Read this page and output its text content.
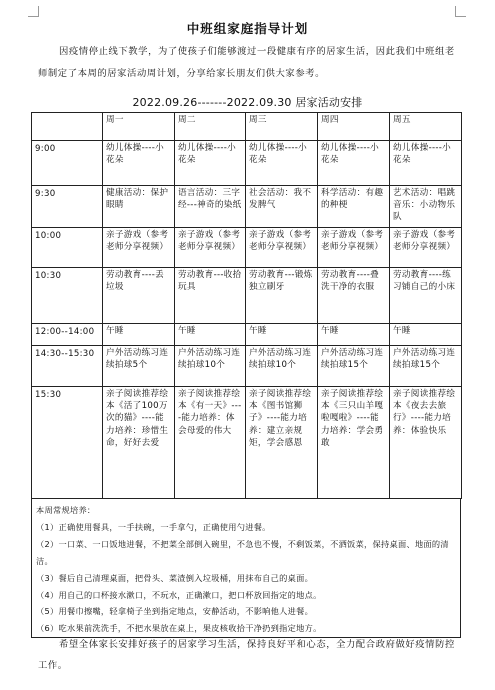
中班组家庭指导计划
因疫情停止线下教学，为了使孩子们能够渡过一段健康有序的居家生活，因此我们中班组老师制定了本周的居家活动周计划，分享给家长朋友们供大家参考。
2022.09.26-------2022.09.30 居家活动安排
	周一	周二	周三	周四	周五
9:00	幼儿体操----小花朵	幼儿体操----小花朵	幼儿体操----小花朵	幼儿体操----小花朵	幼儿体操----小花朵
9:30	健康活动：保护眼睛	语言活动：三字经---神奇的染纸	社会活动：我不发脾气	科学活动：有趣的种梗	艺术活动：唱跳音乐：小动物乐队
10:00	亲子游戏（参考老师分享视频）	亲子游戏（参考老师分享视频）	亲子游戏（参考老师分享视频）	亲子游戏（参考老师分享视频）	亲子游戏（参考老师分享视频）
10:30	劳动教育----丢垃圾	劳动教育---收拾玩具	劳动教育---锻炼独立刷牙	劳动教育----叠洗干净的衣服	劳动教育----练习铺自己的小床
12:00--14:00	午睡	午睡	午睡	午睡	午睡
14:30--15:30	户外活动练习连续拍球5个	户外活动练习连续拍球10个	户外活动练习连续拍球10个	户外活动练习连续拍球15个	户外活动练习连续拍球15个
15:30	亲子阅读推荐绘本《活了100万次的猫》----能力培养：珍惜生命，好好去爱	亲子阅读推荐绘本《有一天》----能力培养：体会母爱的伟大	亲子阅读推荐绘本《图书馆狮子》----能力培养：建立亲规矩，学会感恩	亲子阅读推荐绘本《三只山羊嘎啦嘎啦》----能力培养：学会勇敢	亲子阅读推荐绘本《夜去去旅行》----能力培养：体验快乐
本周常规培养：
（1）正确使用餐具，一手扶碗，一手拿勺，正确使用勺进餐。
（2）一口菜、一口饭地进餐，不把菜全部倒入碗里，不急也不慢，不剩饭菜，不洒饭菜，保持桌面、地面的清洁。
（3）餐后自己清理桌面，把骨头、菜渣倒入垃圾桶，用抹布自己的桌面。
（4）用自己的口杯接水漱口，不玩水，正确漱口，把口杯放回指定的地点。
（5）用餐巾擦嘴，轻拿椅子坐到指定地点，安静活动，不影响他人进餐。
（6）吃水果前洗洗手，不把水果放在桌上，果皮核收拾干净扔到指定地方。
希望全体家长安排好孩子的居家学习生活，保持良好平和心态，全力配合政府做好疫情防控工作。
